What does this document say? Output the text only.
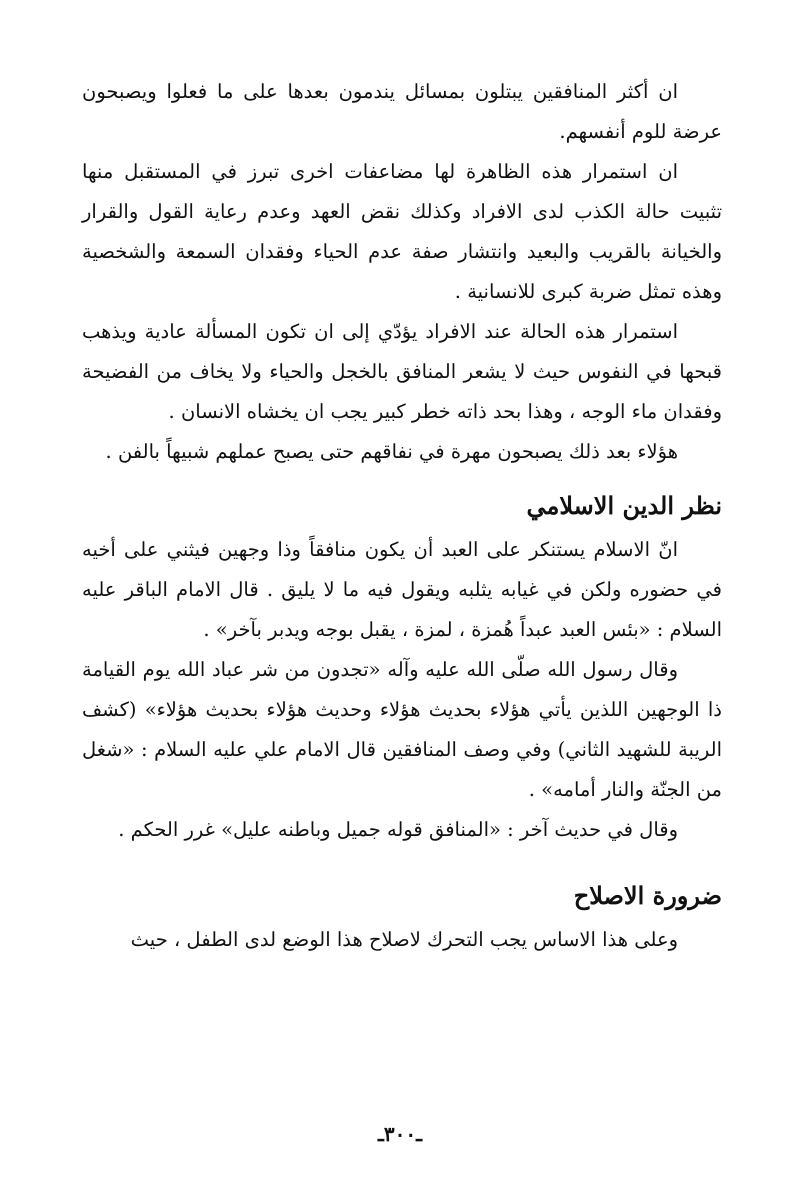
ان أكثر المنافقين يبتلون بمسائل يندمون بعدها على ما فعلوا ويصبحون عرضة للوم أنفسهم.

ان استمرار هذه الظاهرة لها مضاعفات اخرى تبرز في المستقبل منها تثبيت حالة الكذب لدى الافراد وكذلك نقض العهد وعدم رعاية القول والقرار والخيانة بالقريب والبعيد وانتشار صفة عدم الحياء وفقدان السمعة والشخصية وهذه تمثل ضربة كبرى للانسانية .

استمرار هذه الحالة عند الافراد يؤدّي إلى ان تكون المسألة عادية ويذهب قبحها في النفوس حيث لا يشعر المنافق بالخجل والحياء ولا يخاف من الفضيحة وفقدان ماء الوجه ، وهذا بحد ذاته خطر كبير يجب ان يخشاه الانسان .

هؤلاء بعد ذلك يصبحون مهرة في نفاقهم حتى يصبح عملهم شبيهاً بالفن .

نظر الدين الاسلامي

انّ الاسلام يستنكر على العبد أن يكون منافقاً وذا وجهين فيثني على أخيه في حضوره ولكن في غيابه يثلبه ويقول فيه ما لا يليق . قال الامام الباقر عليه السلام : «بئس العبد عبداً هُمزة ، لمزة ، يقبل بوجه ويدبر بآخر» .

وقال رسول الله صلّى الله عليه وآله «تجدون من شر عباد الله يوم القيامة ذا الوجهين اللذين يأتي هؤلاء بحديث هؤلاء وحديث هؤلاء بحديث هؤلاء» (كشف الريبة للشهيد الثاني) وفي وصف المنافقين قال الامام علي عليه السلام : «شغل من الجنّة والنار أمامه» .

وقال في حديث آخر : «المنافق قوله جميل وباطنه عليل» غرر الحكم .

ضرورة الاصلاح

وعلى هذا الاساس يجب التحرك لاصلاح هذا الوضع لدى الطفل ، حيث

ـ٣٠٠ـ
